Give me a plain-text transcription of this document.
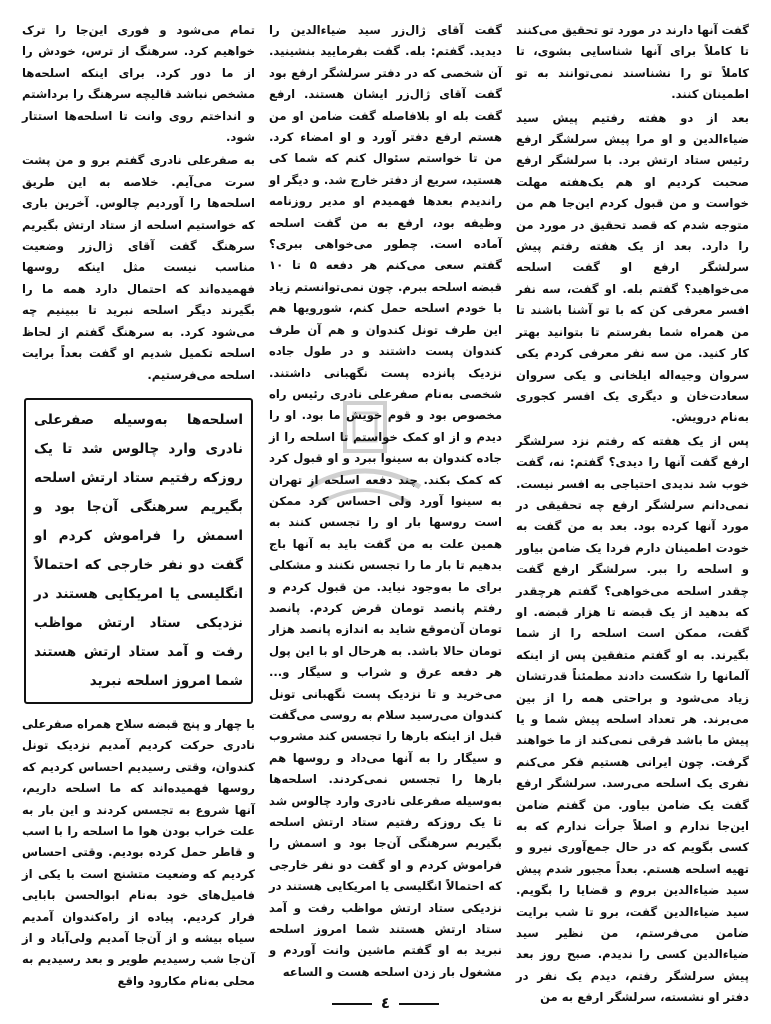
گفت آنها دارند در مورد تو تحقیق می‌کنند تا کاملاً برای آنها شناسایی بشوی، تا کاملاً تو را نشناسند نمی‌توانند به تو اطمینان کنند.

بعد از دو هفته رفتیم پیش سید ضیاءالدین و او مرا پیش سرلشگر ارفع رئیس ستاد ارتش برد. با سرلشگر ارفع صحبت کردیم او هم یک‌هفته مهلت خواست و من قبول کردم این‌جا هم من متوجه شدم که قصد تحقیق در مورد من را دارد. بعد از یک هفته رفتم پیش سرلشگر ارفع او گفت اسلحه می‌خواهید؟ گفتم بله. او گفت، سه نفر افسر معرفی کن که با تو آشنا باشند تا من همراه شما بفرستم تا بتوانید بهتر کار کنید. من سه نفر معرفی کردم یکی سروان وجیه‌اله ایلخانی و یکی سروان سعادت‌خان و دیگری یک افسر کجوری به‌نام درویش.

پس از یک هفته که رفتم نزد سرلشگر ارفع گفت آنها را دیدی؟ گفتم: نه، گفت خوب شد ندیدی احتیاجی به افسر نیست. نمی‌دانم سرلشگر ارفع چه تحقیقی در مورد آنها کرده بود. بعد به من گفت به خودت اطمینان دارم فردا یک ضامن بیاور و اسلحه را ببر. سرلشگر ارفع گفت چقدر اسلحه می‌خواهی؟ گفتم هرچقدر که بدهید از یک قبضه تا هزار قبضه. او گفت، ممکن است اسلحه را از شما بگیرند. به او گفتم متفقین پس از اینکه آلمانها را شکست دادند مطمئناً قدرتشان زیاد می‌شود و براحتی همه را از بین می‌برند. هر تعداد اسلحه پیش شما و یا پیش ما باشد فرقی نمی‌کند از ما خواهند گرفت. چون ایرانی هستیم فکر می‌کنم نفری یک اسلحه می‌رسد. سرلشگر ارفع گفت یک ضامن بیاور. من گفتم ضامن این‌جا ندارم و اصلاً جرأت ندارم که به کسی بگویم که در حال جمع‌آوری نیرو و تهیه اسلحه هستم. بعداً مجبور شدم پیش سید ضیاءالدین بروم و قضایا را بگویم. سید ضیاءالدین گفت، برو تا شب برایت ضامن می‌فرستم، من نظیر سید ضیاءالدین کسی را ندیدم. صبح روز بعد پیش سرلشگر رفتم، دیدم یک نفر در دفتر او نشسته، سرلشگر ارفع به من

گفت آقای ژال‌زر سید ضیاءالدین را دیدید. گفتم: بله. گفت بفرمایید بنشینید. آن شخصی که در دفتر سرلشگر ارفع بود گفت آقای ژال‌زر ایشان هستند. ارفع گفت بله او بلافاصله گفت ضامن او من هستم ارفع دفتر آورد و او امضاء کرد. من تا خواستم سئوال کنم که شما کی هستید، سریع از دفتر خارج شد. و دیگر او راندیدم بعدها فهمیدم او مدیر روزنامه وظیفه بود، ارفع به من گفت اسلحه آماده است. چطور می‌خواهی ببری؟ گفتم سعی می‌کنم هر دفعه ۵ تا ۱۰ قبضه اسلحه ببرم. چون نمی‌توانستم زیاد با خودم اسلحه حمل کنم، شورویها هم این طرف تونل کندوان و هم آن طرف کندوان پست داشتند و در طول جاده نزدیک پانزده پست نگهبانی داشتند. شخصی به‌نام صفرعلی نادری رئیس راه مخصوص بود و قوم خویش ما بود. او را دیدم و از او کمک خواستم تا اسلحه را از جاده کندوان به سینوا ببرد و او قبول کرد که کمک بکند. چند دفعه اسلحه از تهران به سینوا آورد ولی احساس کرد ممکن است روسها بار او را تجسس کنند به همین علت به من گفت باید به آنها باج بدهیم تا بار ما را تجسس نکنند و مشکلی برای ما به‌وجود نیاید. من قبول کردم و رفتم پانصد تومان قرض کردم. پانصد تومان آن‌موقع شاید به اندازه پانصد هزار تومان حالا باشد. به هرحال او با این پول هر دفعه عرق و شراب و سیگار و... می‌خرید و تا نزدیک پست نگهبانی تونل کندوان می‌رسید سلام به روسی می‌گفت قبل از اینکه بارها را تجسس کند مشروب و سیگار را به آنها می‌داد و روسها هم بارها را تجسس نمی‌کردند. اسلحه‌ها به‌وسیله صفرعلی نادری وارد چالوس شد تا یک روزکه رفتیم ستاد ارتش اسلحه بگیریم سرهنگی آن‌جا بود و اسمش را فراموش کردم و او گفت دو نفر خارجی که احتمالاً انگلیسی یا امریکایی هستند در نزدیکی ستاد ارتش مواظب رفت و آمد ستاد ارتش هستند شما امروز اسلحه نبرید به او گفتم ماشین وانت آوردم و مشغول بار زدن اسلحه هست و الساعه

تمام می‌شود و فوری این‌جا را ترک خواهیم کرد. سرهنگ از ترس، خودش را از ما دور کرد. برای اینکه اسلحه‌ها مشخص نباشد قالیچه سرهنگ را برداشتم و انداختم روی وانت تا اسلحه‌ها استتار شود.

به صفرعلی نادری گفتم برو و من پشت سرت می‌آیم. خلاصه به این طریق اسلحه‌ها را آوردیم چالوس. آخرین باری که خواستیم اسلحه از ستاد ارتش بگیریم سرهنگ گفت آقای ژال‌زر وضعیت مناسب نیست مثل اینکه روسها فهمیده‌اند که احتمال دارد همه ما را بگیرند دیگر اسلحه نبرید تا ببینیم چه می‌شود کرد. به سرهنگ گفتم از لحاظ اسلحه تکمیل شدیم او گفت بعداً برایت اسلحه می‌فرستیم.

اسلحه‌ها به‌وسیله صفرعلی نادری وارد چالوس شد تا یک روزکه رفتیم ستاد ارتش اسلحه بگیریم سرهنگی آن‌جا بود و اسمش را فراموش کردم او گفت دو نفر خارجی که احتمالاً انگلیسی یا امریکایی هستند در نزدیکی ستاد ارتش مواظب رفت و آمد ستاد ارتش هستند شما امروز اسلحه نبرید

با چهار و پنج قبضه سلاح همراه صفرعلی نادری حرکت کردیم آمدیم نزدیک تونل کندوان، وقتی رسیدیم احساس کردیم که روسها فهمیده‌اند که ما اسلحه داریم، آنها شروع به تجسس کردند و این بار به علت خراب بودن هوا ما اسلحه را با اسب و قاطر حمل کرده بودیم. وقتی احساس کردیم که وضعیت متشنج است با یکی از فامیل‌های خود به‌نام ابوالحسن بابایی فرار کردیم. پیاده از راه‌کندوان آمدیم سیاه بیشه و از آن‌جا آمدیم ولی‌آباد و از آن‌جا شب رسیدیم طویر و بعد رسیدیم به محلی به‌نام مکارود واقع

٤
